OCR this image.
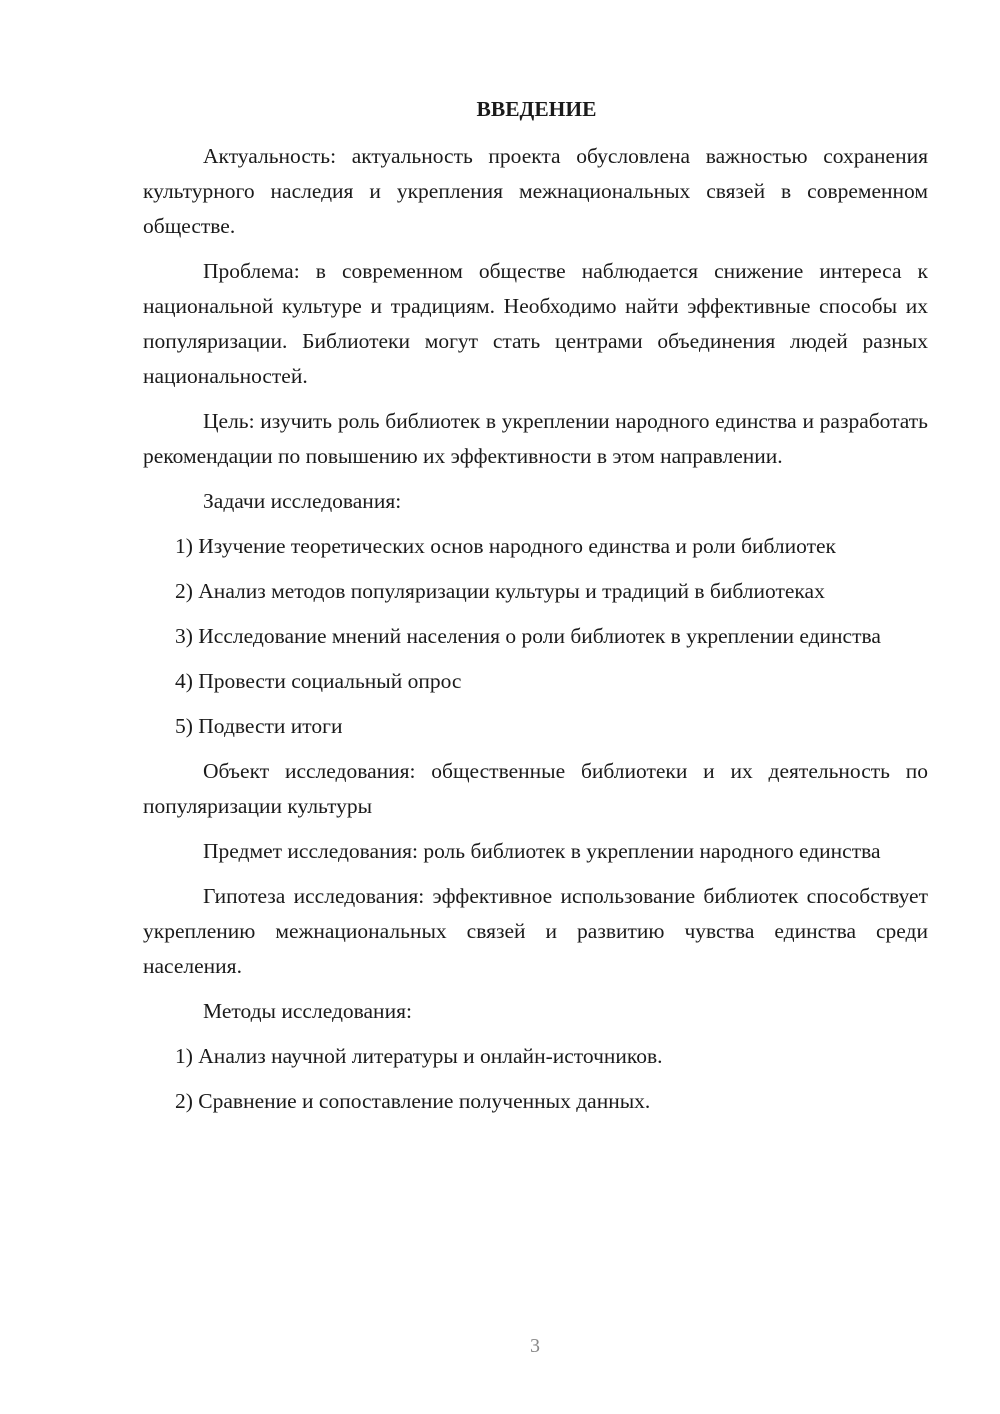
ВВЕДЕНИЕ

Актуальность: актуальность проекта обусловлена важностью сохранения культурного наследия и укрепления межнациональных связей в современном обществе.

Проблема: в современном обществе наблюдается снижение интереса к национальной культуре и традициям. Необходимо найти эффективные способы их популяризации. Библиотеки могут стать центрами объединения людей разных национальностей.

Цель: изучить роль библиотек в укреплении народного единства и разработать рекомендации по повышению их эффективности в этом направлении.

Задачи исследования:

1) Изучение теоретических основ народного единства и роли библиотек

2) Анализ методов популяризации культуры и традиций в библиотеках

3) Исследование мнений населения о роли библиотек в укреплении единства

4) Провести социальный опрос

5) Подвести итоги

Объект исследования: общественные библиотеки и их деятельность по популяризации культуры

Предмет исследования: роль библиотек в укреплении народного единства

Гипотеза исследования: эффективное использование библиотек способствует укреплению межнациональных связей и развитию чувства единства среди населения.

Методы исследования:

1) Анализ научной литературы и онлайн-источников.

2) Сравнение и сопоставление полученных данных.

3
